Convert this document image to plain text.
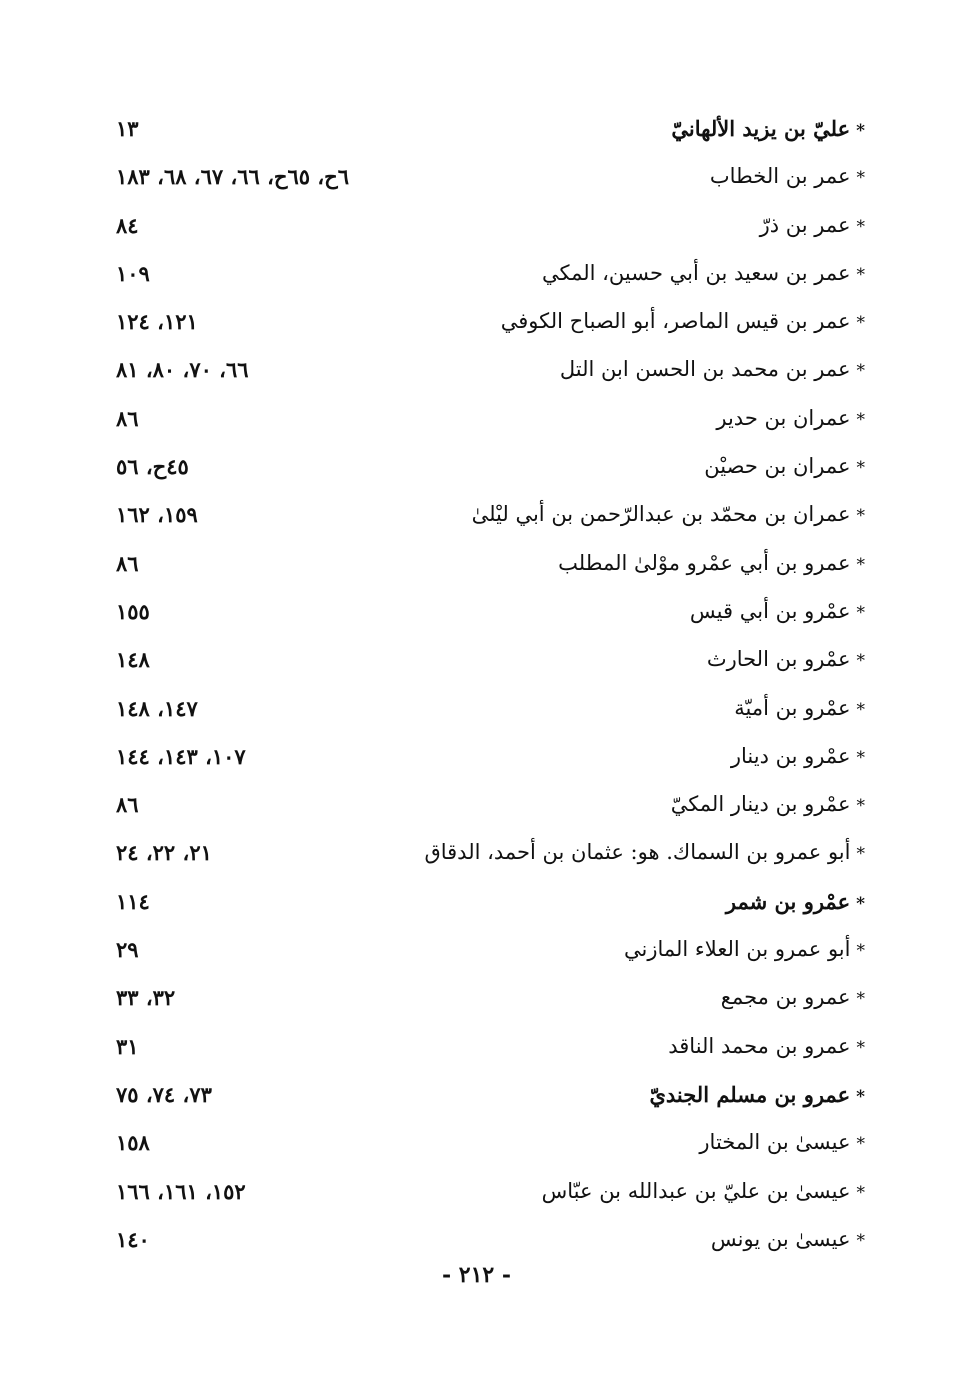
*عليّ بن يزيد الألهانيّ
١٣
*عمر بن الخطاب
٦ح، ٦٥ح، ٦٦، ٦٧، ٦٨، ١٨٣
*عمر بن ذرّ
٨٤
*عمر بن سعيد بن أبي حسين، المكي
١٠٩
*عمر بن قيس الماصر، أبو الصباح الكوفي
١٢١، ١٢٤
*عمر بن محمد بن الحسن ابن التل
٦٦، ٧٠، ٨٠، ٨١
*عمران بن حدير
٨٦
*عمران بن حصيْن
٤٥ح، ٥٦
*عمران بن محمّد بن عبدالرّحمن بن أبي ليْلىٰ
١٥٩، ١٦٢
*عمرو بن أبي عمْرو موْلىٰ المطلب
٨٦
*عمْرو بن أبي قيس
١٥٥
*عمْرو بن الحارث
١٤٨
*عمْرو بن أميّة
١٤٧، ١٤٨
*عمْرو بن دينار
١٠٧، ١٤٣، ١٤٤
*عمْرو بن دينار المكيّ
٨٦
*أبو عمرو بن السماك. هو: عثمان بن أحمد، الدقاق
٢١، ٢٢، ٢٤
*عمْرو بن شمر
١١٤
*أبو عمرو بن العلاء المازني
٢٩
*عمرو بن مجمع
٣٢، ٣٣
*عمرو بن محمد الناقد
٣١
*عمرو بن مسلم الجنديّ
٧٣، ٧٤، ٧٥
*عيسىٰ بن المختار
١٥٨
*عيسىٰ بن عليّ بن عبدالله بن عبّاس
١٥٢، ١٦١، ١٦٦
*عيسىٰ بن يونس
١٤٠
- ٢١٢ -
